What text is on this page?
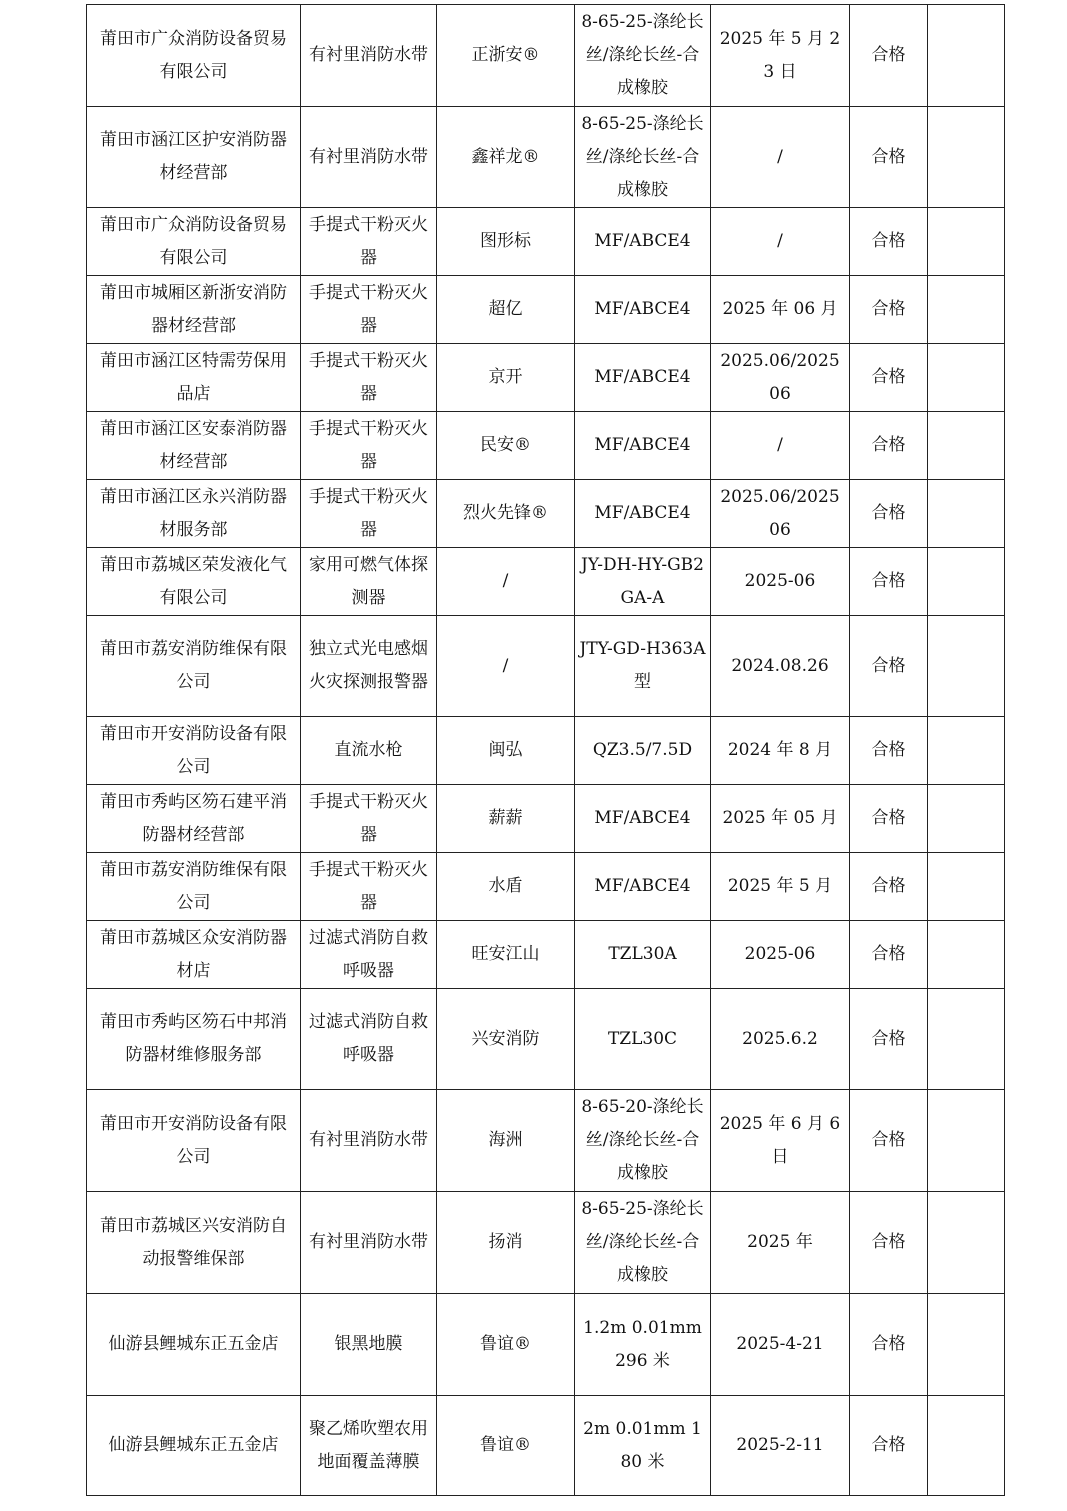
莆田市广众消防设备贸易有限公司	有衬里消防水带	正浙安®	8-65-25-涤纶长丝/涤纶长丝-合成橡胶	2025 年 5 月 23 日	合格	

莆田市涵江区护安消防器材经营部	有衬里消防水带	鑫祥龙®	8-65-25-涤纶长丝/涤纶长丝-合成橡胶	/	合格	

莆田市广众消防设备贸易有限公司	手提式干粉灭火器	图形标	MF/ABCE4	/	合格	

莆田市城厢区新浙安消防器材经营部	手提式干粉灭火器	超亿	MF/ABCE4	2025 年 06 月	合格	

莆田市涵江区特需劳保用品店	手提式干粉灭火器	京开	MF/ABCE4	2025.06/202506	合格	

莆田市涵江区安泰消防器材经营部	手提式干粉灭火器	民安®	MF/ABCE4	/	合格	

莆田市涵江区永兴消防器材服务部	手提式干粉灭火器	烈火先锋®	MF/ABCE4	2025.06/202506	合格	

莆田市荔城区荣发液化气有限公司	家用可燃气体探测器	/	JY-DH-HY-GB2GA-A	2025-06	合格	

莆田市荔安消防维保有限公司	独立式光电感烟火灾探测报警器	/	JTY-GD-H363A 型	2024.08.26	合格	

莆田市开安消防设备有限公司	直流水枪	闽弘	QZ3.5/7.5D	2024 年 8 月	合格	

莆田市秀屿区笏石建平消防器材经营部	手提式干粉灭火器	薪薪	MF/ABCE4	2025 年 05 月	合格	

莆田市荔安消防维保有限公司	手提式干粉灭火器	水盾	MF/ABCE4	2025 年 5 月	合格	

莆田市荔城区众安消防器材店	过滤式消防自救呼吸器	旺安江山	TZL30A	2025-06	合格	

莆田市秀屿区笏石中邦消防器材维修服务部	过滤式消防自救呼吸器	兴安消防	TZL30C	2025.6.2	合格	

莆田市开安消防设备有限公司	有衬里消防水带	海洲	8-65-20-涤纶长丝/涤纶长丝-合成橡胶	2025 年 6 月 6 日	合格	

莆田市荔城区兴安消防自动报警维保部	有衬里消防水带	扬消	8-65-25-涤纶长丝/涤纶长丝-合成橡胶	2025 年	合格	

仙游县鲤城东正五金店	银黑地膜	鲁谊®	1.2m 0.01mm 296 米	2025-4-21	合格	

仙游县鲤城东正五金店	聚乙烯吹塑农用地面覆盖薄膜	鲁谊®	2m 0.01mm 180 米	2025-2-11	合格	
